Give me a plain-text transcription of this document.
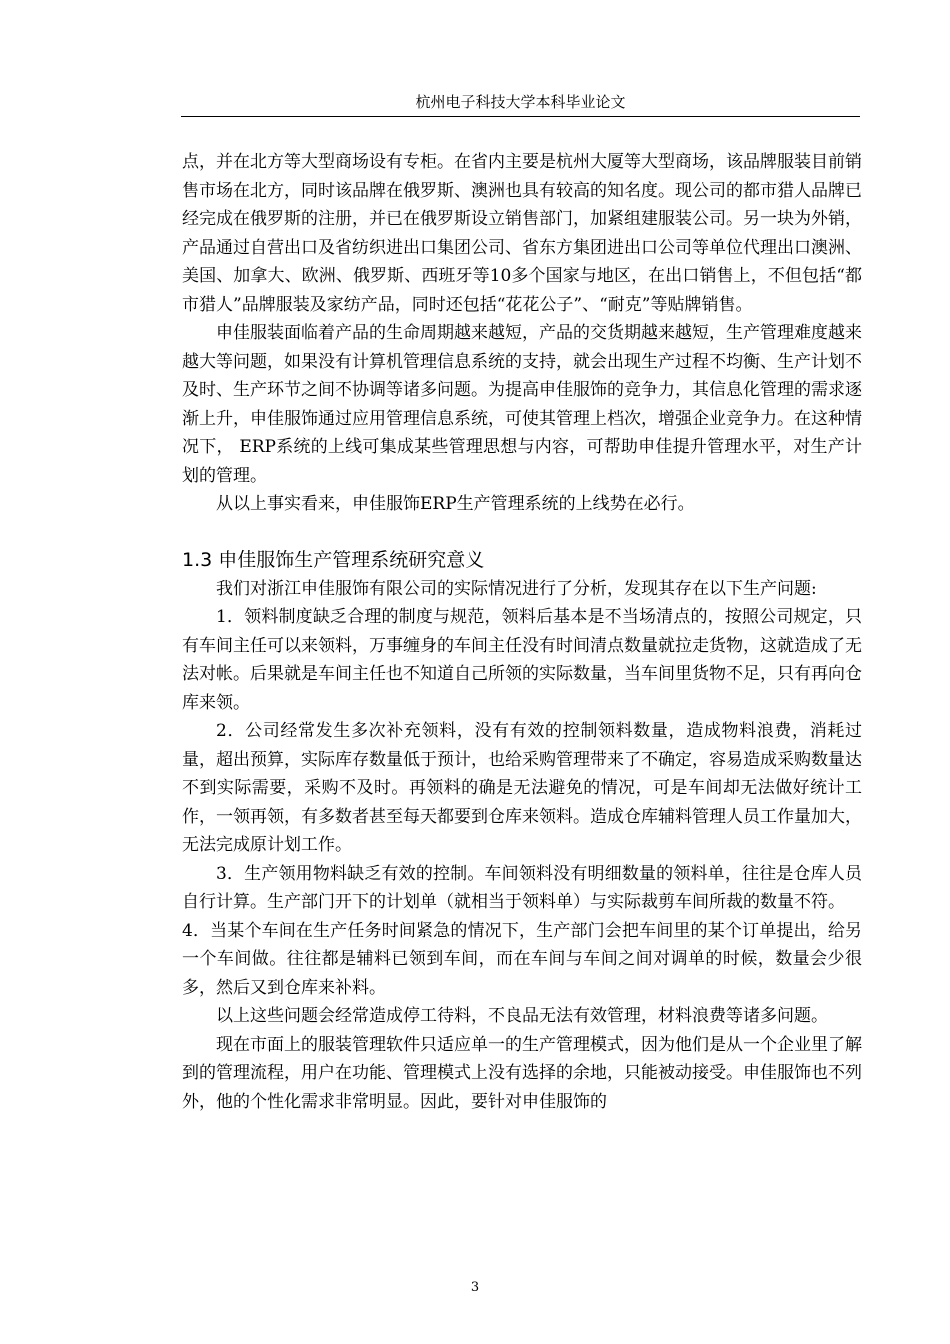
杭州电子科技大学本科毕业论文

点，并在北方等大型商场设有专柜。在省内主要是杭州大厦等大型商场，该品牌服装目前销售市场在北方，同时该品牌在俄罗斯、澳洲也具有较高的知名度。现公司的都市猎人品牌已经完成在俄罗斯的注册，并已在俄罗斯设立销售部门，加紧组建服装公司。另一块为外销，产品通过自营出口及省纺织进出口集团公司、省东方集团进出口公司等单位代理出口澳洲、美国、加拿大、欧洲、俄罗斯、西班牙等10多个国家与地区，在出口销售上，不但包括“都市猎人”品牌服装及家纺产品，同时还包括“花花公子”、“耐克”等贴牌销售。

申佳服装面临着产品的生命周期越来越短，产品的交货期越来越短，生产管理难度越来越大等问题，如果没有计算机管理信息系统的支持，就会出现生产过程不均衡、生产计划不及时、生产环节之间不协调等诸多问题。为提高申佳服饰的竞争力，其信息化管理的需求逐渐上升，申佳服饰通过应用管理信息系统，可使其管理上档次，增强企业竞争力。在这种情况下， ERP系统的上线可集成某些管理思想与内容，可帮助申佳提升管理水平，对生产计划的管理。

从以上事实看来，申佳服饰ERP生产管理系统的上线势在必行。

1.3 申佳服饰生产管理系统研究意义

我们对浙江申佳服饰有限公司的实际情况进行了分析，发现其存在以下生产问题:

1．领料制度缺乏合理的制度与规范，领料后基本是不当场清点的，按照公司规定，只有车间主任可以来领料，万事缠身的车间主任没有时间清点数量就拉走货物，这就造成了无法对帐。后果就是车间主任也不知道自己所领的实际数量，当车间里货物不足，只有再向仓库来领。

2．公司经常发生多次补充领料，没有有效的控制领料数量，造成物料浪费，消耗过量，超出预算，实际库存数量低于预计，也给采购管理带来了不确定，容易造成采购数量达不到实际需要，采购不及时。再领料的确是无法避免的情况，可是车间却无法做好统计工作，一领再领，有多数者甚至每天都要到仓库来领料。造成仓库辅料管理人员工作量加大，无法完成原计划工作。

3．生产领用物料缺乏有效的控制。车间领料没有明细数量的领料单，往往是仓库人员自行计算。生产部门开下的计划单（就相当于领料单）与实际裁剪车间所裁的数量不符。

4．当某个车间在生产任务时间紧急的情况下，生产部门会把车间里的某个订单提出，给另一个车间做。往往都是辅料已领到车间，而在车间与车间之间对调单的时候，数量会少很多，然后又到仓库来补料。

以上这些问题会经常造成停工待料，不良品无法有效管理，材料浪费等诸多问题。

现在市面上的服装管理软件只适应单一的生产管理模式，因为他们是从一个企业里了解到的管理流程，用户在功能、管理模式上没有选择的余地，只能被动接受。申佳服饰也不列外，他的个性化需求非常明显。因此，要针对申佳服饰的

3
